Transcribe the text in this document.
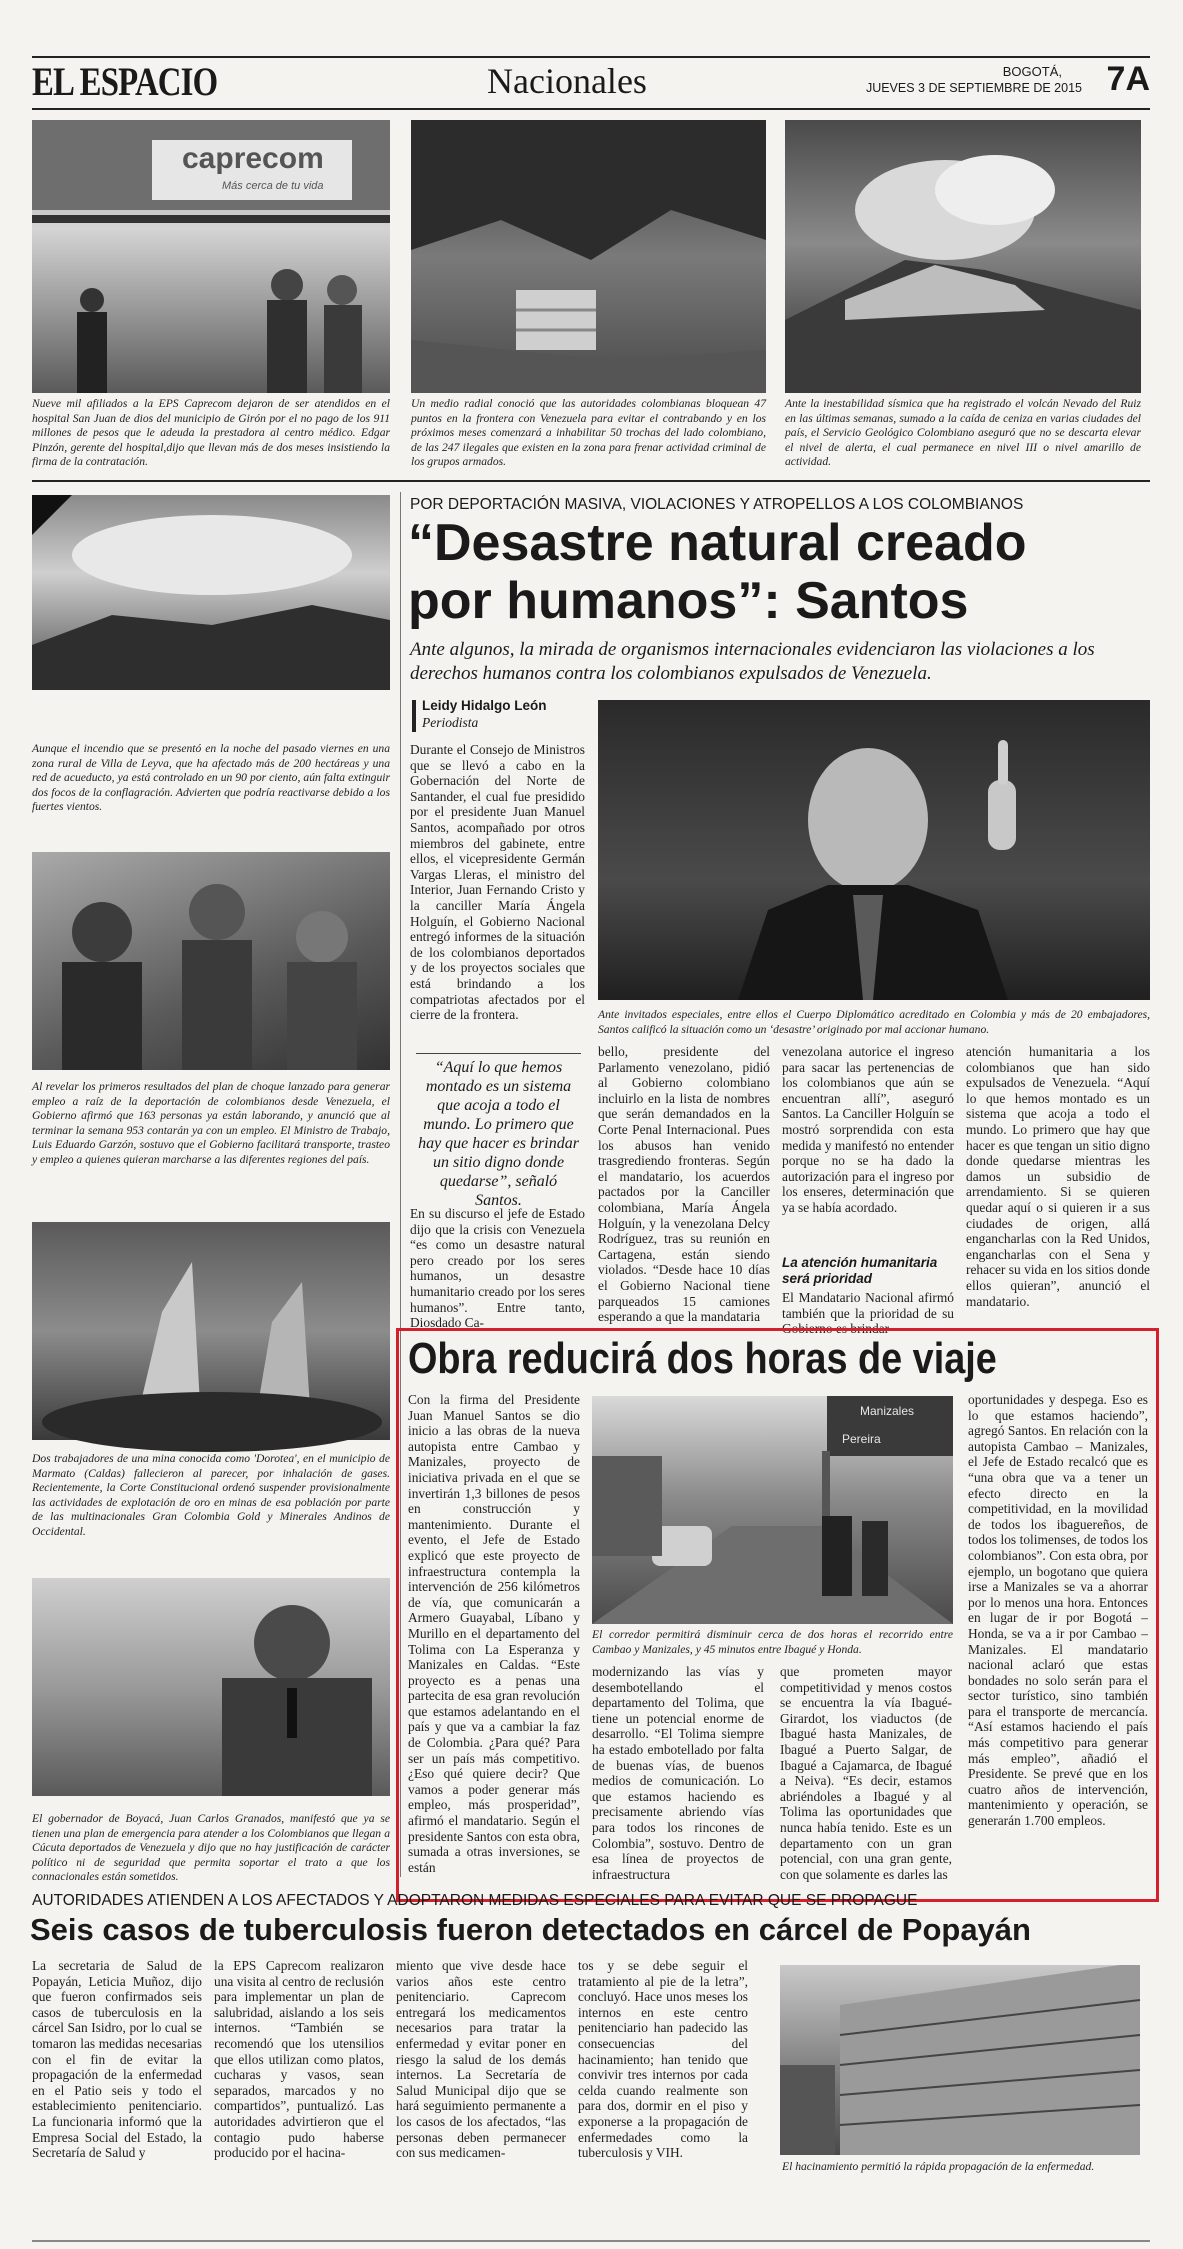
EL ESPACIO	Nacionales	BOGOTÁ,
JUEVES 3 DE SEPTIEMBRE DE 2015 7A
caprecom
Más cerca de tu vida
Nueve mil afiliados a la EPS Caprecom dejaron de ser atendidos en el hospital San Juan de dios del municipio de Girón por el no pago de los 911 millones de pesos que le adeuda la prestadora al centro médico. Edgar Pinzón, gerente del hospital,dijo que llevan más de dos meses insistiendo la firma de la contratación.
Un medio radial conoció que las autoridades colombianas bloquean 47 puntos en la frontera con Venezuela para evitar el contrabando y en los próximos meses comenzará a inhabilitar 50 trochas del lado colombiano, de las 247 ilegales que existen en la zona para frenar actividad criminal de los grupos armados.
Ante la inestabilidad sísmica que ha registrado el volcán Nevado del Ruiz en las últimas semanas, sumado a la caída de ceniza en varias ciudades del país, el Servicio Geológico Colombiano aseguró que no se descarta elevar el nivel de alerta, el cual permanece en nivel III o nivel amarillo de actividad.
Aunque el incendio que se presentó en la noche del pasado viernes en una zona rural de Villa de Leyva, que ha afectado más de 200 hectáreas y una red de acueducto, ya está controlado en un 90 por ciento, aún falta extinguir dos focos de la conflagración. Advierten que podría reactivarse debido a los fuertes vientos.
Al revelar los primeros resultados del plan de choque lanzado para generar empleo a raíz de la deportación de colombianos desde Venezuela, el Gobierno afirmó que 163 personas ya están laborando, y anunció que al terminar la semana 953 contarán ya con un empleo. El Ministro de Trabajo, Luis Eduardo Garzón, sostuvo que el Gobierno facilitará transporte, trasteo y empleo a quienes quieran marcharse a las diferentes regiones del país.
Dos trabajadores de una mina conocida como 'Dorotea', en el municipio de Marmato (Caldas) fallecieron al parecer, por inhalación de gases. Recientemente, la Corte Constitucional ordenó suspender provisionalmente las actividades de explotación de oro en minas de esa población por parte de las multinacionales Gran Colombia Gold y Minerales Andinos de Occidental.
El gobernador de Boyacá, Juan Carlos Granados, manifestó que ya se tienen una plan de emergencia para atender a los Colombianos que llegan a Cúcuta deportados de Venezuela y dijo que no hay justificación de carácter político ni de seguridad que permita soportar el trato a que los connacionales están sometidos.
POR DEPORTACIÓN MASIVA, VIOLACIONES Y ATROPELLOS A LOS COLOMBIANOS
“Desastre natural creado
por humanos”: Santos
Ante algunos, la mirada de organismos internacionales evidenciaron las violaciones a los derechos humanos contra los colombianos expulsados de Venezuela.
Leidy Hidalgo León
Periodista
Durante el Consejo de Ministros que se llevó a cabo en la Gobernación del Norte de Santander, el cual fue presidido por el presidente Juan Manuel Santos, acompañado por otros miembros del gabinete, entre ellos, el vicepresidente Germán Vargas Lleras, el ministro del Interior, Juan Fernando Cristo y la canciller María Ángela Holguín, el Gobierno Nacional entregó informes de la situación de los colombianos deportados y de los proyectos sociales que está brindando a los compatriotas afectados por el cierre de la frontera.
“Aquí lo que hemos montado es un sistema que acoja a todo el mundo. Lo primero que hay que hacer es brindar un sitio digno donde quedarse”, señaló Santos.
En su discurso el jefe de Estado dijo que la crisis con Venezuela “es como un desastre natural pero creado por los seres humanos, un desastre humanitario creado por los seres humanos”. Entre tanto, Diosdado Ca-
Ante invitados especiales, entre ellos el Cuerpo Diplomático acreditado en Colombia y más de 20 embajadores, Santos calificó la situación como un ‘desastre’ originado por mal accionar humano.
bello, presidente del Parlamento venezolano, pidió al Gobierno colombiano incluirlo en la lista de nombres que serán demandados en la Corte Penal Internacional. Pues los abusos han venido trasgrediendo fronteras. Según el mandatario, los acuerdos pactados por la Canciller colombiana, María Ángela Holguín, y la venezolana Delcy Rodríguez, tras su reunión en Cartagena, están siendo violados. “Desde hace 10 días el Gobierno Nacional tiene parqueados 15 camiones esperando a que la mandataria
venezolana autorice el ingreso para sacar las pertenencias de los colombianos que aún se encuentran allí”, aseguró Santos. La Canciller Holguín se mostró sorprendida con esta medida y manifestó no entender porque no se ha dado la autorización para el ingreso por los enseres, determinación que ya se había acordado.
La atención humanitaria será prioridad
El Mandatario Nacional afirmó también que la prioridad de su Gobierno es brindar
atención humanitaria a los colombianos que han sido expulsados de Venezuela. “Aquí lo que hemos montado es un sistema que acoja a todo el mundo. Lo primero que hay que hacer es que tengan un sitio digno donde quedarse mientras les damos un subsidio de arrendamiento. Si se quieren quedar aquí o si quieren ir a sus ciudades de origen, allá engancharlas con la Red Unidos, engancharlas con el Sena y rehacer su vida en los sitios donde ellos quieran”, anunció el mandatario.
Obra reducirá dos horas de viaje
Con la firma del Presidente Juan Manuel Santos se dio inicio a las obras de la nueva autopista entre Cambao y Manizales, proyecto de iniciativa privada en el que se invertirán 1,3 billones de pesos en construcción y mantenimiento. Durante el evento, el Jefe de Estado explicó que este proyecto de infraestructura contempla la intervención de 256 kilómetros de vía, que comunicarán a Armero Guayabal, Líbano y Murillo en el departamento del Tolima con La Esperanza y Manizales en Caldas. “Este proyecto es a penas una partecita de esa gran revolución que estamos adelantando en el país y que va a cambiar la faz de Colombia. ¿Para qué? Para ser un país más competitivo. ¿Eso qué quiere decir? Que vamos a poder generar más empleo, más prosperidad”, afirmó el mandatario. Según el presidente Santos con esta obra, sumada a otras inversiones, se están
Manizales
Pereira
El corredor permitirá disminuir cerca de dos horas el recorrido entre Cambao y Manizales, y 45 minutos entre Ibagué y Honda.
modernizando las vías y desembotellando el departamento del Tolima, que tiene un potencial enorme de desarrollo. “El Tolima siempre ha estado embotellado por falta de buenas vías, de buenos medios de comunicación. Lo que estamos haciendo es precisamente abriendo vías para todos los rincones de Colombia”, sostuvo. Dentro de esa línea de proyectos de infraestructura
que prometen mayor competitividad y menos costos se encuentra la vía Ibagué-Girardot, los viaductos (de Ibagué hasta Manizales, de Ibagué a Puerto Salgar, de Ibagué a Cajamarca, de Ibagué a Neiva). “Es decir, estamos abriéndoles a Ibagué y al Tolima las oportunidades que nunca había tenido. Este es un departamento con un gran potencial, con una gran gente, con que solamente es darles las
oportunidades y despega. Eso es lo que estamos haciendo”, agregó Santos. En relación con la autopista Cambao – Manizales, el Jefe de Estado recalcó que es “una obra que va a tener un efecto directo en la competitividad, en la movilidad de todos los ibaguereños, de todos los tolimenses, de todos los colombianos”. Con esta obra, por ejemplo, un bogotano que quiera irse a Manizales se va a ahorrar por lo menos una hora. Entonces en lugar de ir por Bogotá – Honda, se va a ir por Cambao – Manizales. El mandatario nacional aclaró que estas bondades no solo serán para el sector turístico, sino también para el transporte de mercancía. “Así estamos haciendo el país más competitivo para generar más empleo”, añadió el Presidente. Se prevé que en los cuatro años de intervención, mantenimiento y operación, se generarán 1.700 empleos.
AUTORIDADES ATIENDEN A LOS AFECTADOS Y ADOPTARON MEDIDAS ESPECIALES PARA EVITAR QUE SE PROPAGUE
Seis casos de tuberculosis fueron detectados en cárcel de Popayán
La secretaria de Salud de Popayán, Leticia Muñoz, dijo que fueron confirmados seis casos de tuberculosis en la cárcel San Isidro, por lo cual se tomaron las medidas necesarias con el fin de evitar la propagación de la enfermedad en el Patio seis y todo el establecimiento penitenciario. La funcionaria informó que la Empresa Social del Estado, la Secretaría de Salud y
la EPS Caprecom realizaron una visita al centro de reclusión para implementar un plan de salubridad, aislando a los seis internos. “También se recomendó que los utensilios que ellos utilizan como platos, cucharas y vasos, sean separados, marcados y no compartidos”, puntualizó. Las autoridades advirtieron que el contagio pudo haberse producido por el hacina-
miento que vive desde hace varios años este centro penitenciario. Caprecom entregará los medicamentos necesarios para tratar la enfermedad y evitar poner en riesgo la salud de los demás internos. La Secretaría de Salud Municipal dijo que se hará seguimiento permanente a los casos de los afectados, “las personas deben permanecer con sus medicamen-
tos y se debe seguir el tratamiento al pie de la letra”, concluyó. Hace unos meses los internos en este centro penitenciario han padecido las consecuencias del hacinamiento; han tenido que convivir tres internos por cada celda cuando realmente son para dos, dormir en el piso y exponerse a la propagación de enfermedades como la tuberculosis y VIH.
El hacinamiento permitió la rápida propagación de la enfermedad.
